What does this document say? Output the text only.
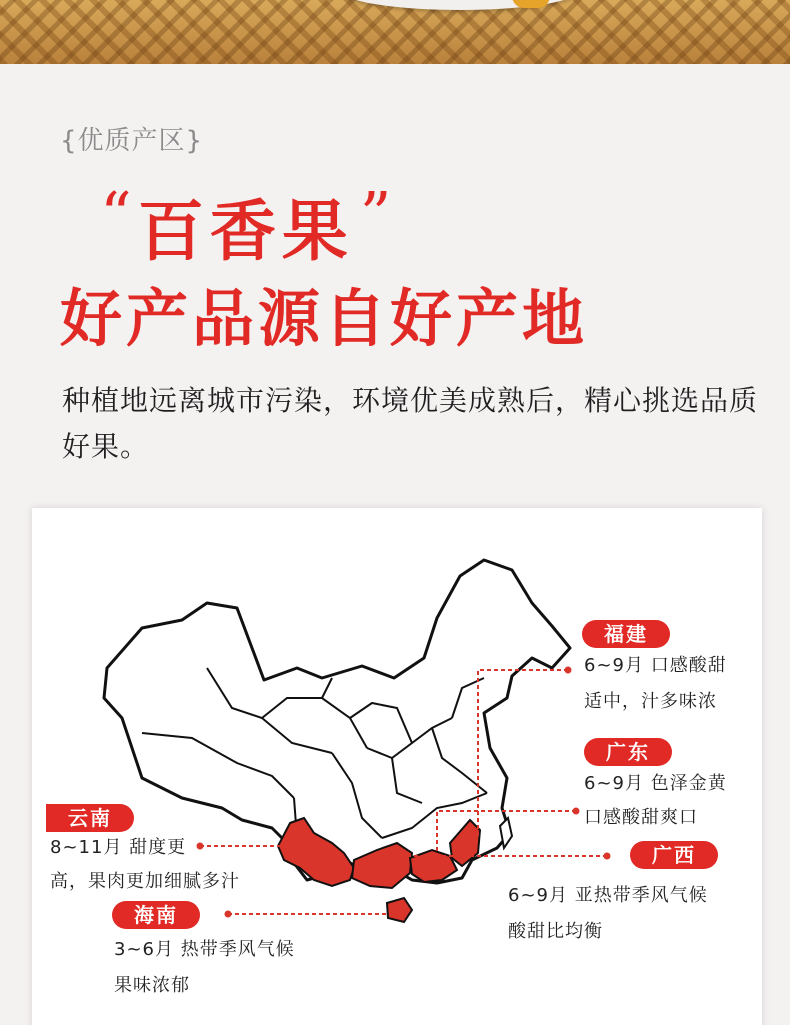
{优质产区}
“ 百香果 ”
好产品源自好产地
种植地远离城市污染，环境优美成熟后，精心挑选品质好果。
福建
6~9月 口感酸甜
适中，汁多味浓
广东
6~9月 色泽金黄
口感酸甜爽口
云南
8~11月 甜度更
高，果肉更加细腻多汁
广西
6~9月 亚热带季风气候
酸甜比均衡
海南
3~6月 热带季风气候
果味浓郁
